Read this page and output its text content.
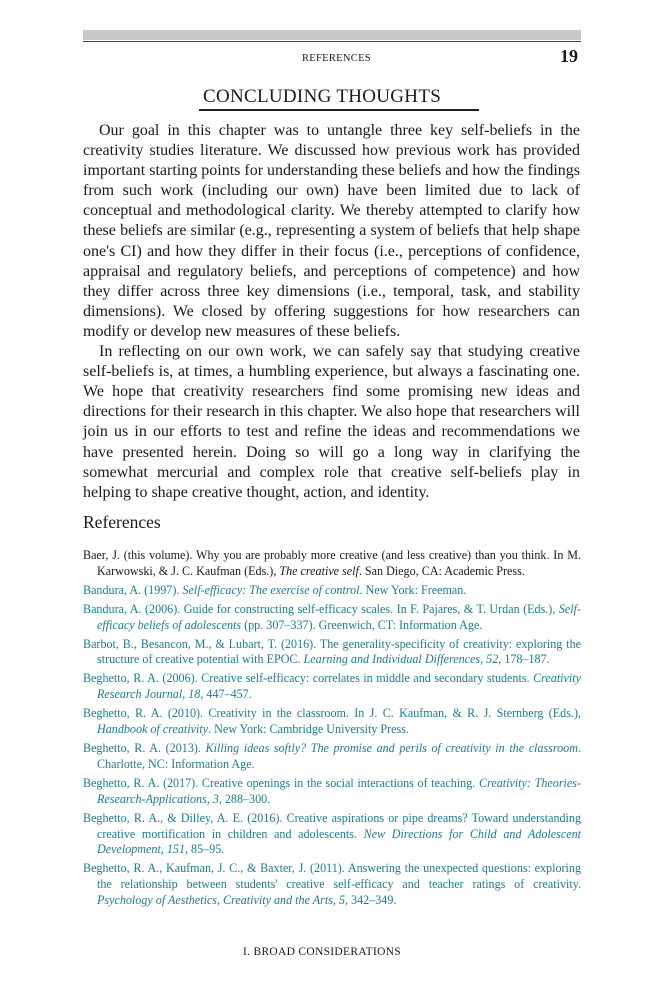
REFERENCES	19
CONCLUDING THOUGHTS

Our goal in this chapter was to untangle three key self-beliefs in the creativity studies literature. We discussed how previous work has provided important starting points for understanding these beliefs and how the findings from such work (including our own) have been limited due to lack of conceptual and methodological clarity. We thereby attempted to clarify how these beliefs are similar (e.g., representing a system of beliefs that help shape one's CI) and how they differ in their focus (i.e., perceptions of confidence, appraisal and regulatory beliefs, and perceptions of competence) and how they differ across three key dimensions (i.e., temporal, task, and stability dimensions). We closed by offering suggestions for how researchers can modify or develop new measures of these beliefs.

In reflecting on our own work, we can safely say that studying creative self-beliefs is, at times, a humbling experience, but always a fascinating one. We hope that creativity researchers find some promising new ideas and directions for their research in this chapter. We also hope that researchers will join us in our efforts to test and refine the ideas and recommendations we have presented herein. Doing so will go a long way in clarifying the somewhat mercurial and complex role that creative self-beliefs play in helping to shape creative thought, action, and identity.

References
Baer, J. (this volume). Why you are probably more creative (and less creative) than you think. In M. Karwowski, & J. C. Kaufman (Eds.), The creative self. San Diego, CA: Academic Press.
Bandura, A. (1997). Self-efficacy: The exercise of control. New York: Freeman.
Bandura, A. (2006). Guide for constructing self-efficacy scales. In F. Pajares, & T. Urdan (Eds.), Self-efficacy beliefs of adolescents (pp. 307–337). Greenwich, CT: Information Age.
Barbot, B., Besancon, M., & Lubart, T. (2016). The generality-specificity of creativity: exploring the structure of creative potential with EPOC. Learning and Individual Differences, 52, 178–187.
Beghetto, R. A. (2006). Creative self-efficacy: correlates in middle and secondary students. Creativity Research Journal, 18, 447–457.
Beghetto, R. A. (2010). Creativity in the classroom. In J. C. Kaufman, & R. J. Sternberg (Eds.), Handbook of creativity. New York: Cambridge University Press.
Beghetto, R. A. (2013). Killing ideas softly? The promise and perils of creativity in the classroom. Charlotte, NC: Information Age.
Beghetto, R. A. (2017). Creative openings in the social interactions of teaching. Creativity: Theories-Research-Applications, 3, 288–300.
Beghetto, R. A., & Dilley, A. E. (2016). Creative aspirations or pipe dreams? Toward understanding creative mortification in children and adolescents. New Directions for Child and Adolescent Development, 151, 85–95.
Beghetto, R. A., Kaufman, J. C., & Baxter, J. (2011). Answering the unexpected questions: exploring the relationship between students' creative self-efficacy and teacher ratings of creativity. Psychology of Aesthetics, Creativity and the Arts, 5, 342–349.
I. BROAD CONSIDERATIONS
